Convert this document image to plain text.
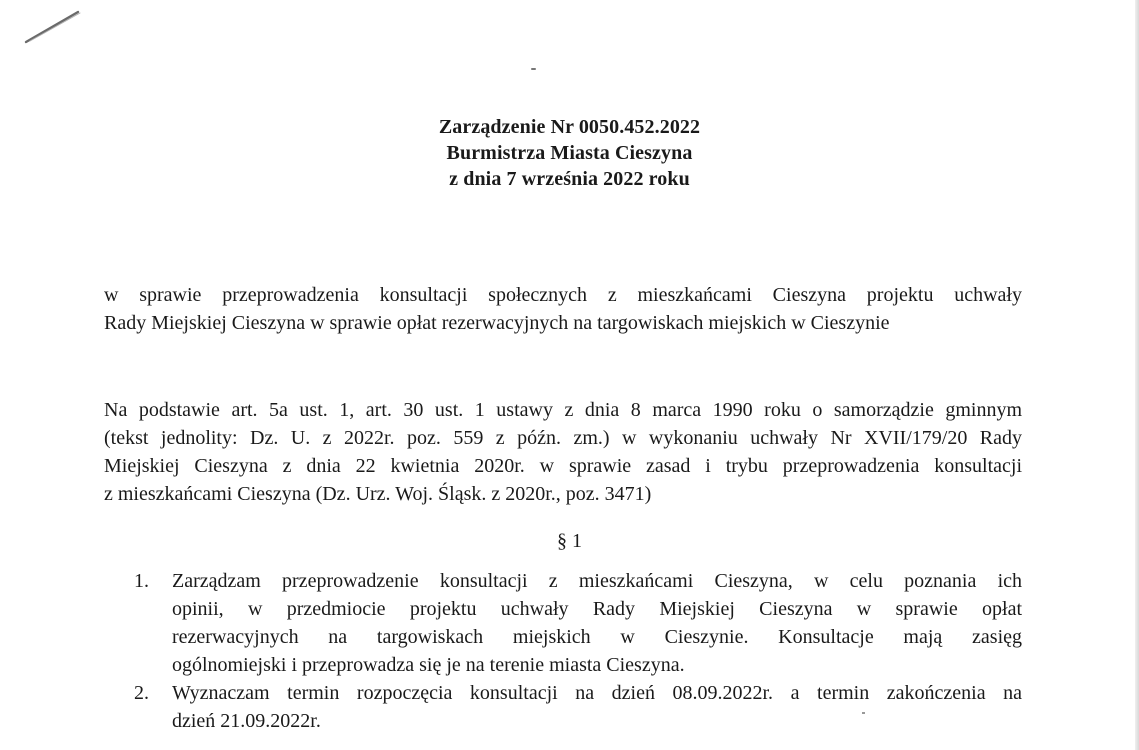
Zarządzenie Nr 0050.452.2022
Burmistrza Miasta Cieszyna
z dnia 7 września 2022 roku
w sprawie przeprowadzenia konsultacji społecznych z mieszkańcami Cieszyna projektu uchwały
Rady Miejskiej Cieszyna w sprawie opłat rezerwacyjnych na targowiskach miejskich w Cieszynie
Na podstawie art. 5a ust. 1, art. 30 ust. 1 ustawy z dnia 8 marca 1990 roku o samorządzie gminnym
(tekst jednolity: Dz. U. z 2022r. poz. 559 z późn. zm.) w wykonaniu uchwały Nr XVII/179/20 Rady
Miejskiej Cieszyna z dnia 22 kwietnia 2020r. w sprawie zasad i trybu przeprowadzenia konsultacji
z mieszkańcami Cieszyna (Dz. Urz. Woj. Śląsk. z 2020r., poz. 3471)
§ 1
1. Zarządzam przeprowadzenie konsultacji z mieszkańcami Cieszyna, w celu poznania ich
opinii, w przedmiocie projektu uchwały Rady Miejskiej Cieszyna w sprawie opłat
rezerwacyjnych na targowiskach miejskich w Cieszynie. Konsultacje mają zasięg
ogólnomiejski i przeprowadza się je na terenie miasta Cieszyna.
2. Wyznaczam termin rozpoczęcia konsultacji na dzień 08.09.2022r. a termin zakończenia na
dzień 21.09.2022r.
